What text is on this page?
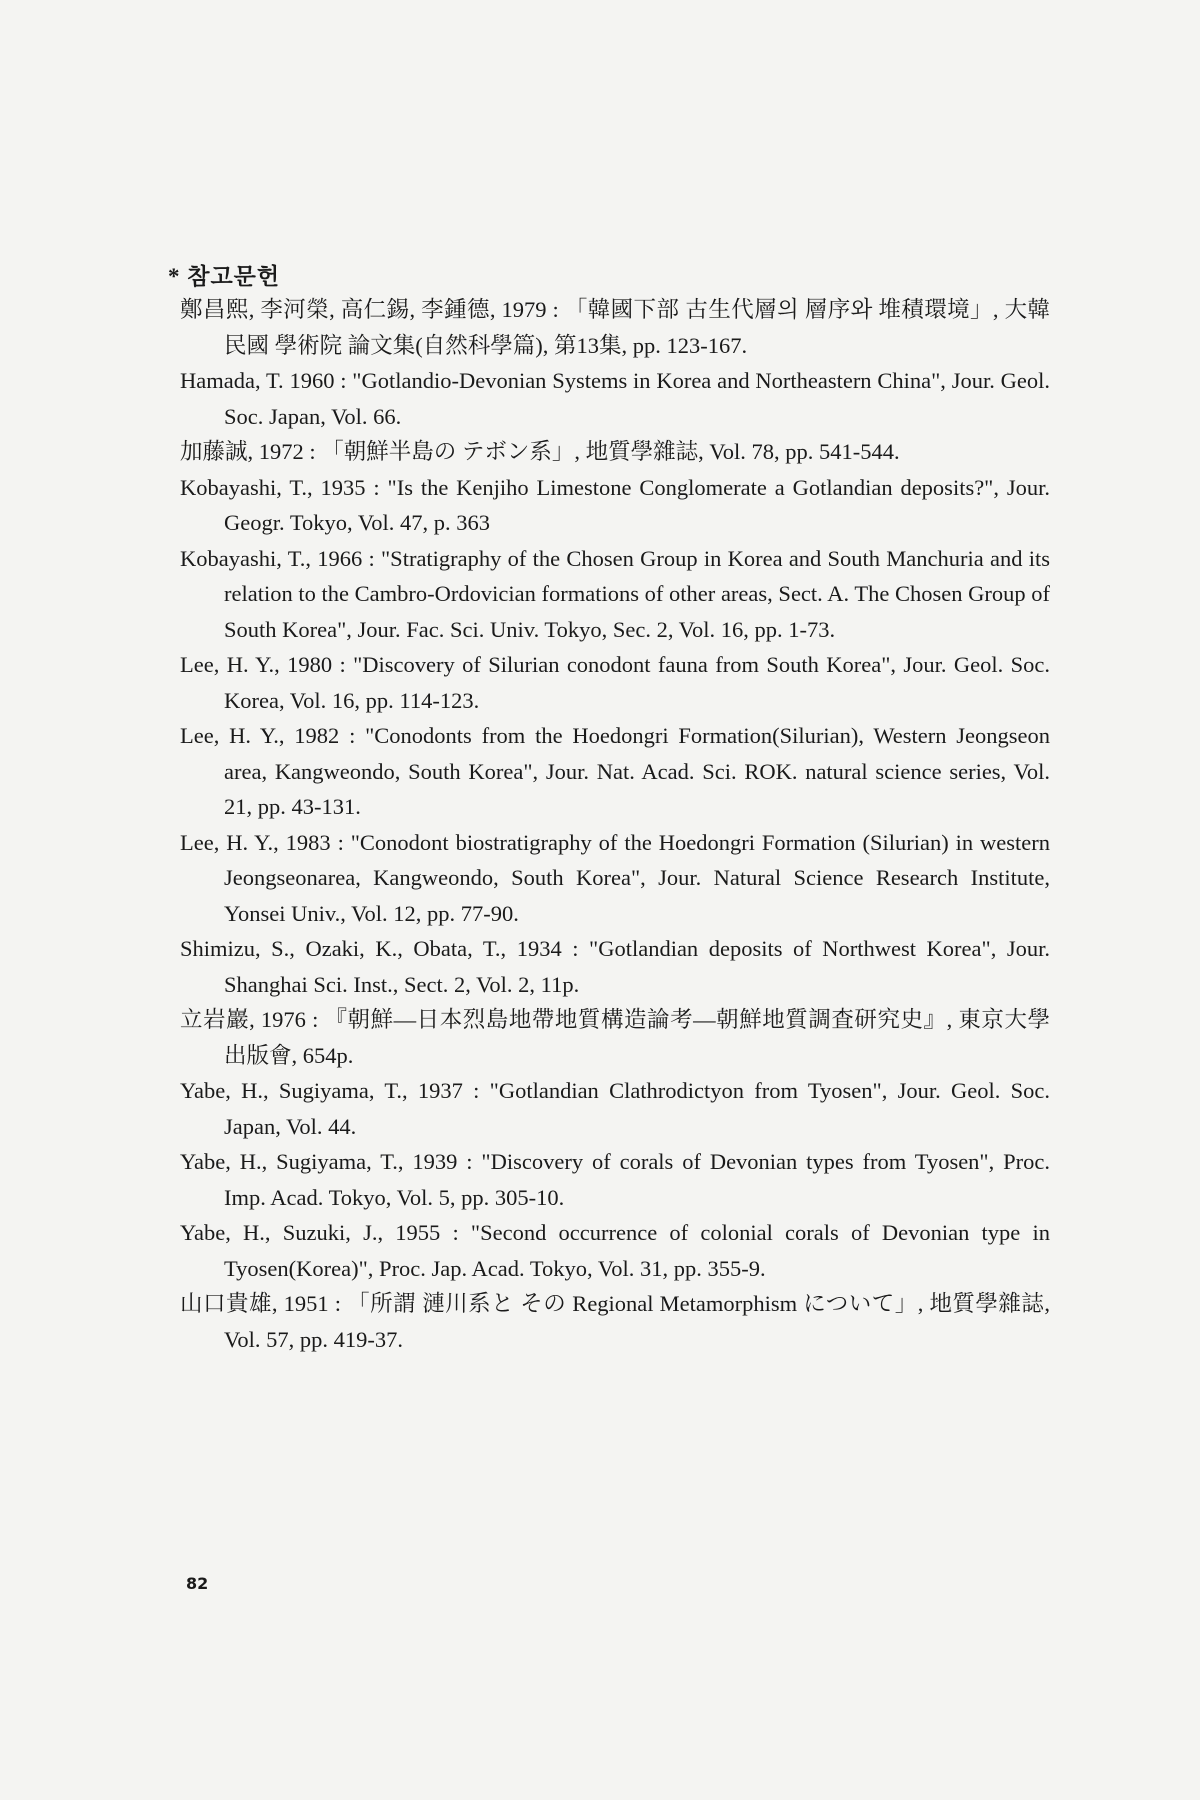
* 참고문헌

鄭昌熙, 李河榮, 高仁錫, 李鍾德, 1979 : 「韓國下部 古生代層의 層序와 堆積環境」, 大韓民國 學術院 論文集(自然科學篇), 第13集, pp. 123-167.

Hamada, T. 1960 : "Gotlandio-Devonian Systems in Korea and Northeastern China", Jour. Geol. Soc. Japan, Vol. 66.

加藤誠, 1972 : 「朝鮮半島の テボン系」, 地質學雜誌, Vol. 78, pp. 541-544.

Kobayashi, T., 1935 : "Is the Kenjiho Limestone Conglomerate a Gotlandian deposits?", Jour. Geogr. Tokyo, Vol. 47, p. 363

Kobayashi, T., 1966 : "Stratigraphy of the Chosen Group in Korea and South Manchuria and its relation to the Cambro-Ordovician formations of other areas, Sect. A. The Chosen Group of South Korea", Jour. Fac. Sci. Univ. Tokyo, Sec. 2, Vol. 16, pp. 1-73.

Lee, H. Y., 1980 : "Discovery of Silurian conodont fauna from South Korea", Jour. Geol. Soc. Korea, Vol. 16, pp. 114-123.

Lee, H. Y., 1982 : "Conodonts from the Hoedongri Formation(Silurian), Western Jeongseon area, Kangweondo, South Korea", Jour. Nat. Acad. Sci. ROK. natural science series, Vol. 21, pp. 43-131.

Lee, H. Y., 1983 : "Conodont biostratigraphy of the Hoedongri Formation (Silurian) in western Jeongseonarea, Kangweondo, South Korea", Jour. Natural Science Research Institute, Yonsei Univ., Vol. 12, pp. 77-90.

Shimizu, S., Ozaki, K., Obata, T., 1934 : "Gotlandian deposits of Northwest Korea", Jour. Shanghai Sci. Inst., Sect. 2, Vol. 2, 11p.

立岩巖, 1976 : 『朝鮮—日本烈島地帶地質構造論考—朝鮮地質調査研究史』, 東京大學 出版會, 654p.

Yabe, H., Sugiyama, T., 1937 : "Gotlandian Clathrodictyon from Tyosen", Jour. Geol. Soc. Japan, Vol. 44.

Yabe, H., Sugiyama, T., 1939 : "Discovery of corals of Devonian types from Tyosen", Proc. Imp. Acad. Tokyo, Vol. 5, pp. 305-10.

Yabe, H., Suzuki, J., 1955 : "Second occurrence of colonial corals of Devonian type in Tyosen(Korea)", Proc. Jap. Acad. Tokyo, Vol. 31, pp. 355-9.

山口貴雄, 1951 : 「所謂 漣川系と その Regional Metamorphism について」, 地質學雜誌, Vol. 57, pp. 419-37.

82
